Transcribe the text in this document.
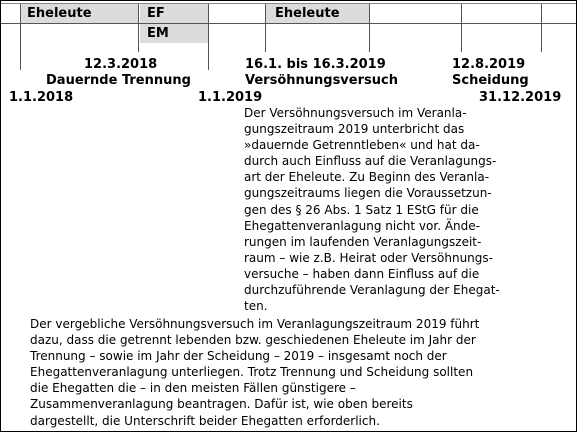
Eheleute	EF
EM
Eheleute
12.3.2018
Dauernde Trennung
16.1. bis 16.3.2019
Versöhnungsversuch
12.8.2019
Scheidung
1.1.2018	1.1.2019	31.12.2019
Der Versöhnungsversuch im Veranla-
gungszeitraum 2019 unterbricht das
»dauernde Getrenntleben« und hat da-
durch auch Einfluss auf die Veranlagungs-
art der Eheleute. Zu Beginn des Veranla-
gungszeitraums liegen die Voraussetzun-
gen des § 26 Abs. 1 Satz 1 EStG für die
Ehegattenveranlagung nicht vor. Ände-
rungen im laufenden Veranlagungszeit-
raum – wie z.B. Heirat oder Versöhnungs-
versuche – haben dann Einfluss auf die
durchzuführende Veranlagung der Ehegat-
ten.
Der vergebliche Versöhnungsversuch im Veranlagungszeitraum 2019 führt
dazu, dass die getrennt lebenden bzw. geschiedenen Eheleute im Jahr der
Trennung – sowie im Jahr der Scheidung – 2019 – insgesamt noch der
Ehegattenveranlagung unterliegen. Trotz Trennung und Scheidung sollten
die Ehegatten die – in den meisten Fällen günstigere –
Zusammenveranlagung beantragen. Dafür ist, wie oben bereits
dargestellt, die Unterschrift beider Ehegatten erforderlich.
